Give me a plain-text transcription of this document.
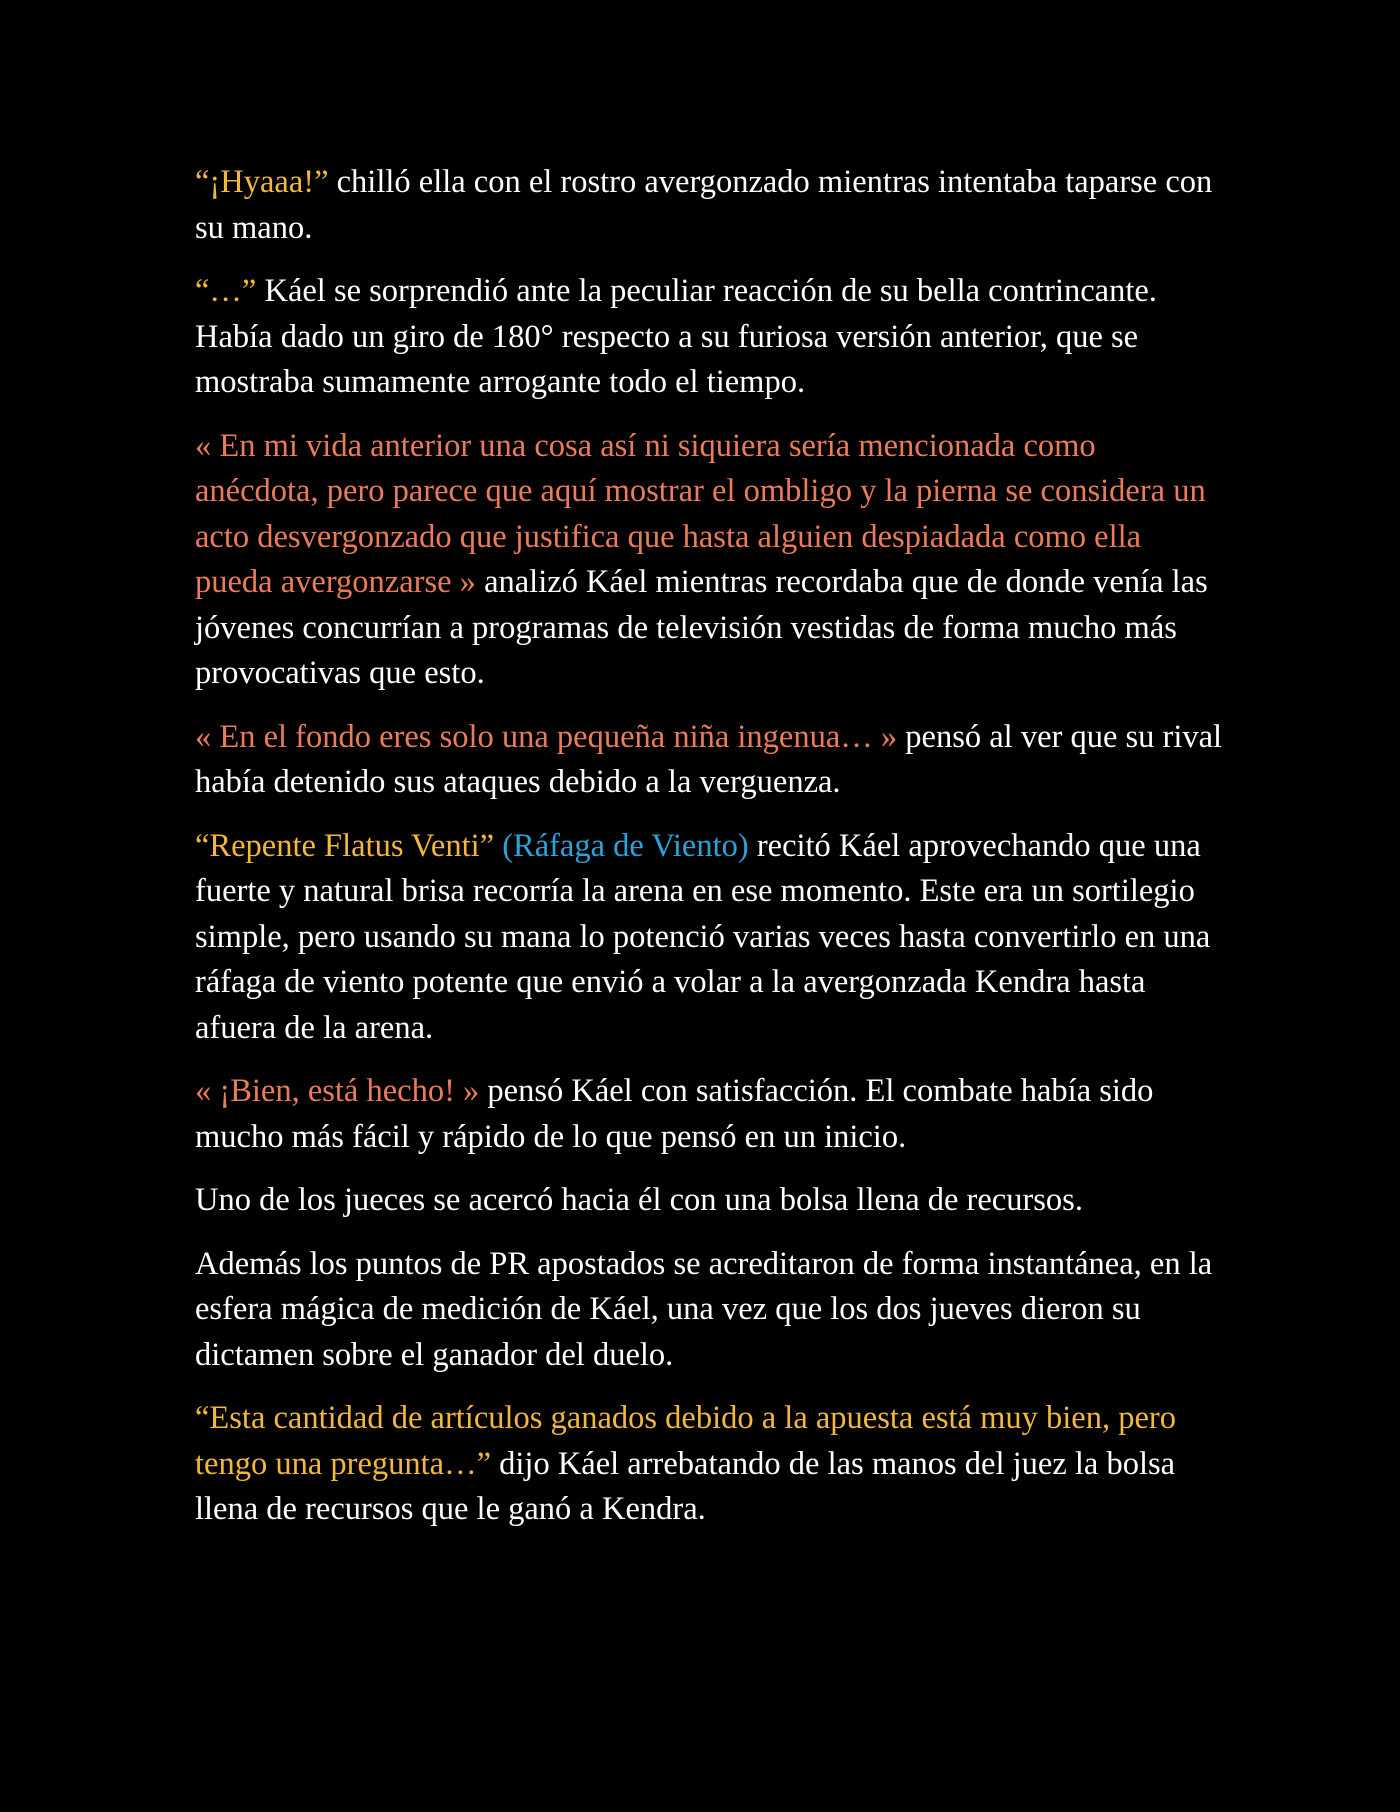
“¡Hyaaa!” chilló ella con el rostro avergonzado mientras intentaba taparse con su mano.

“…” Káel se sorprendió ante la peculiar reacción de su bella contrincante. Había dado un giro de 180° respecto a su furiosa versión anterior, que se mostraba sumamente arrogante todo el tiempo.

« En mi vida anterior una cosa así ni siquiera sería mencionada como anécdota, pero parece que aquí mostrar el ombligo y la pierna se considera un acto desvergonzado que justifica que hasta alguien despiadada como ella pueda avergonzarse » analizó Káel mientras recordaba que de donde venía las jóvenes concurrían a programas de televisión vestidas de forma mucho más provocativas que esto.

« En el fondo eres solo una pequeña niña ingenua… » pensó al ver que su rival había detenido sus ataques debido a la verguenza.

“Repente Flatus Venti” (Ráfaga de Viento) recitó Káel aprovechando que una fuerte y natural brisa recorría la arena en ese momento. Este era un sortilegio simple, pero usando su mana lo potenció varias veces hasta convertirlo en una ráfaga de viento potente que envió a volar a la avergonzada Kendra hasta afuera de la arena.

« ¡Bien, está hecho! » pensó Káel con satisfacción. El combate había sido mucho más fácil y rápido de lo que pensó en un inicio.

Uno de los jueces se acercó hacia él con una bolsa llena de recursos.

Además los puntos de PR apostados se acreditaron de forma instantánea, en la esfera mágica de medición de Káel, una vez que los dos jueves dieron su dictamen sobre el ganador del duelo.

“Esta cantidad de artículos ganados debido a la apuesta está muy bien, pero tengo una pregunta…” dijo Káel arrebatando de las manos del juez la bolsa llena de recursos que le ganó a Kendra.
